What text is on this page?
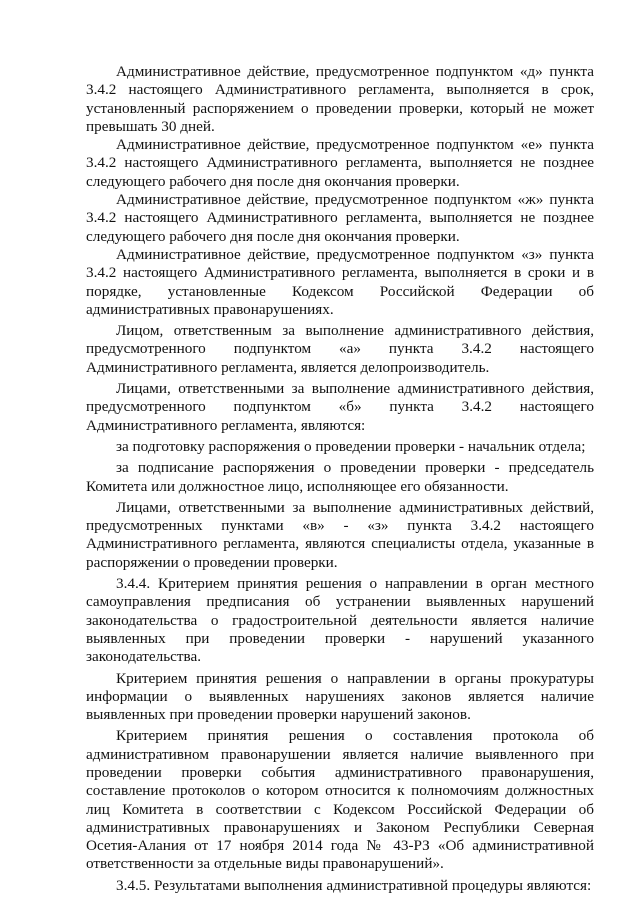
Административное действие, предусмотренное подпунктом «д» пункта 3.4.2 настоящего Административного регламента, выполняется в срок, установленный распоряжением о проведении проверки, который не может превышать 30 дней.

Административное действие, предусмотренное подпунктом «е» пункта 3.4.2 настоящего Административного регламента, выполняется не позднее следующего рабочего дня после дня окончания проверки.

Административное действие, предусмотренное подпунктом «ж» пункта 3.4.2 настоящего Административного регламента, выполняется не позднее следующего рабочего дня после дня окончания проверки.

Административное действие, предусмотренное подпунктом «з» пункта 3.4.2 настоящего Административного регламента, выполняется в сроки и в порядке, установленные Кодексом Российской Федерации об административных правонарушениях.

Лицом, ответственным за выполнение административного действия, предусмотренного подпунктом «а» пункта 3.4.2 настоящего Административного регламента, является делопроизводитель.

Лицами, ответственными за выполнение административного действия, предусмотренного подпунктом «б» пункта 3.4.2 настоящего Административного регламента, являются:

за подготовку распоряжения о проведении проверки - начальник отдела;

за подписание распоряжения о проведении проверки - председатель Комитета или должностное лицо, исполняющее его обязанности.

Лицами, ответственными за выполнение административных действий, предусмотренных пунктами «в» - «з» пункта 3.4.2 настоящего Административного регламента, являются специалисты отдела, указанные в распоряжении о проведении проверки.

3.4.4. Критерием принятия решения о направлении в орган местного самоуправления предписания об устранении выявленных нарушений законодательства о градостроительной деятельности является наличие выявленных при проведении проверки - нарушений указанного законодательства.

Критерием принятия решения о направлении в органы прокуратуры информации о выявленных нарушениях законов является наличие выявленных при проведении проверки нарушений законов.

Критерием принятия решения о составления протокола об административном правонарушении является наличие выявленного при проведении проверки события административного правонарушения, составление протоколов о котором относится к полномочиям должностных лиц Комитета в соответствии с Кодексом Российской Федерации об административных правонарушениях и Законом Республики Северная Осетия-Алания от 17 ноября 2014 года № 43-РЗ «Об административной ответственности за отдельные виды правонарушений».

3.4.5. Результатами выполнения административной процедуры являются:
